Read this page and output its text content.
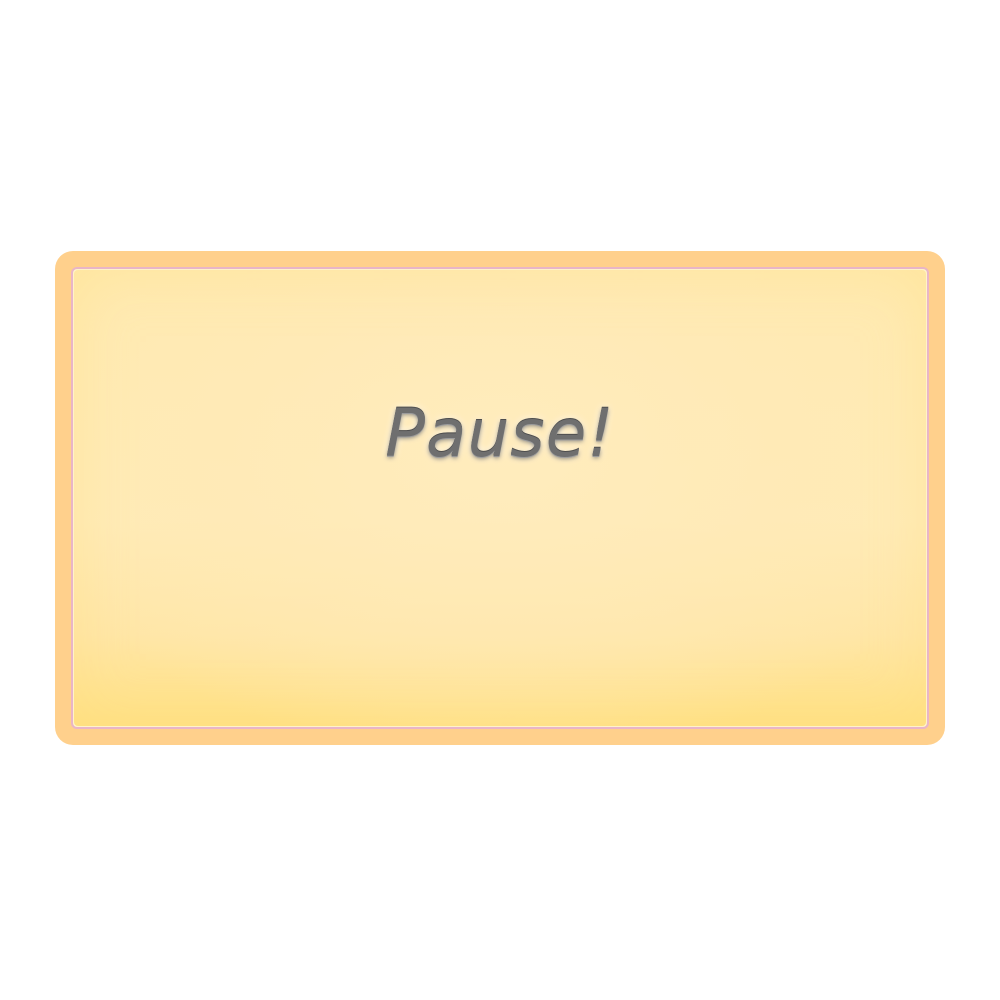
Pause!
